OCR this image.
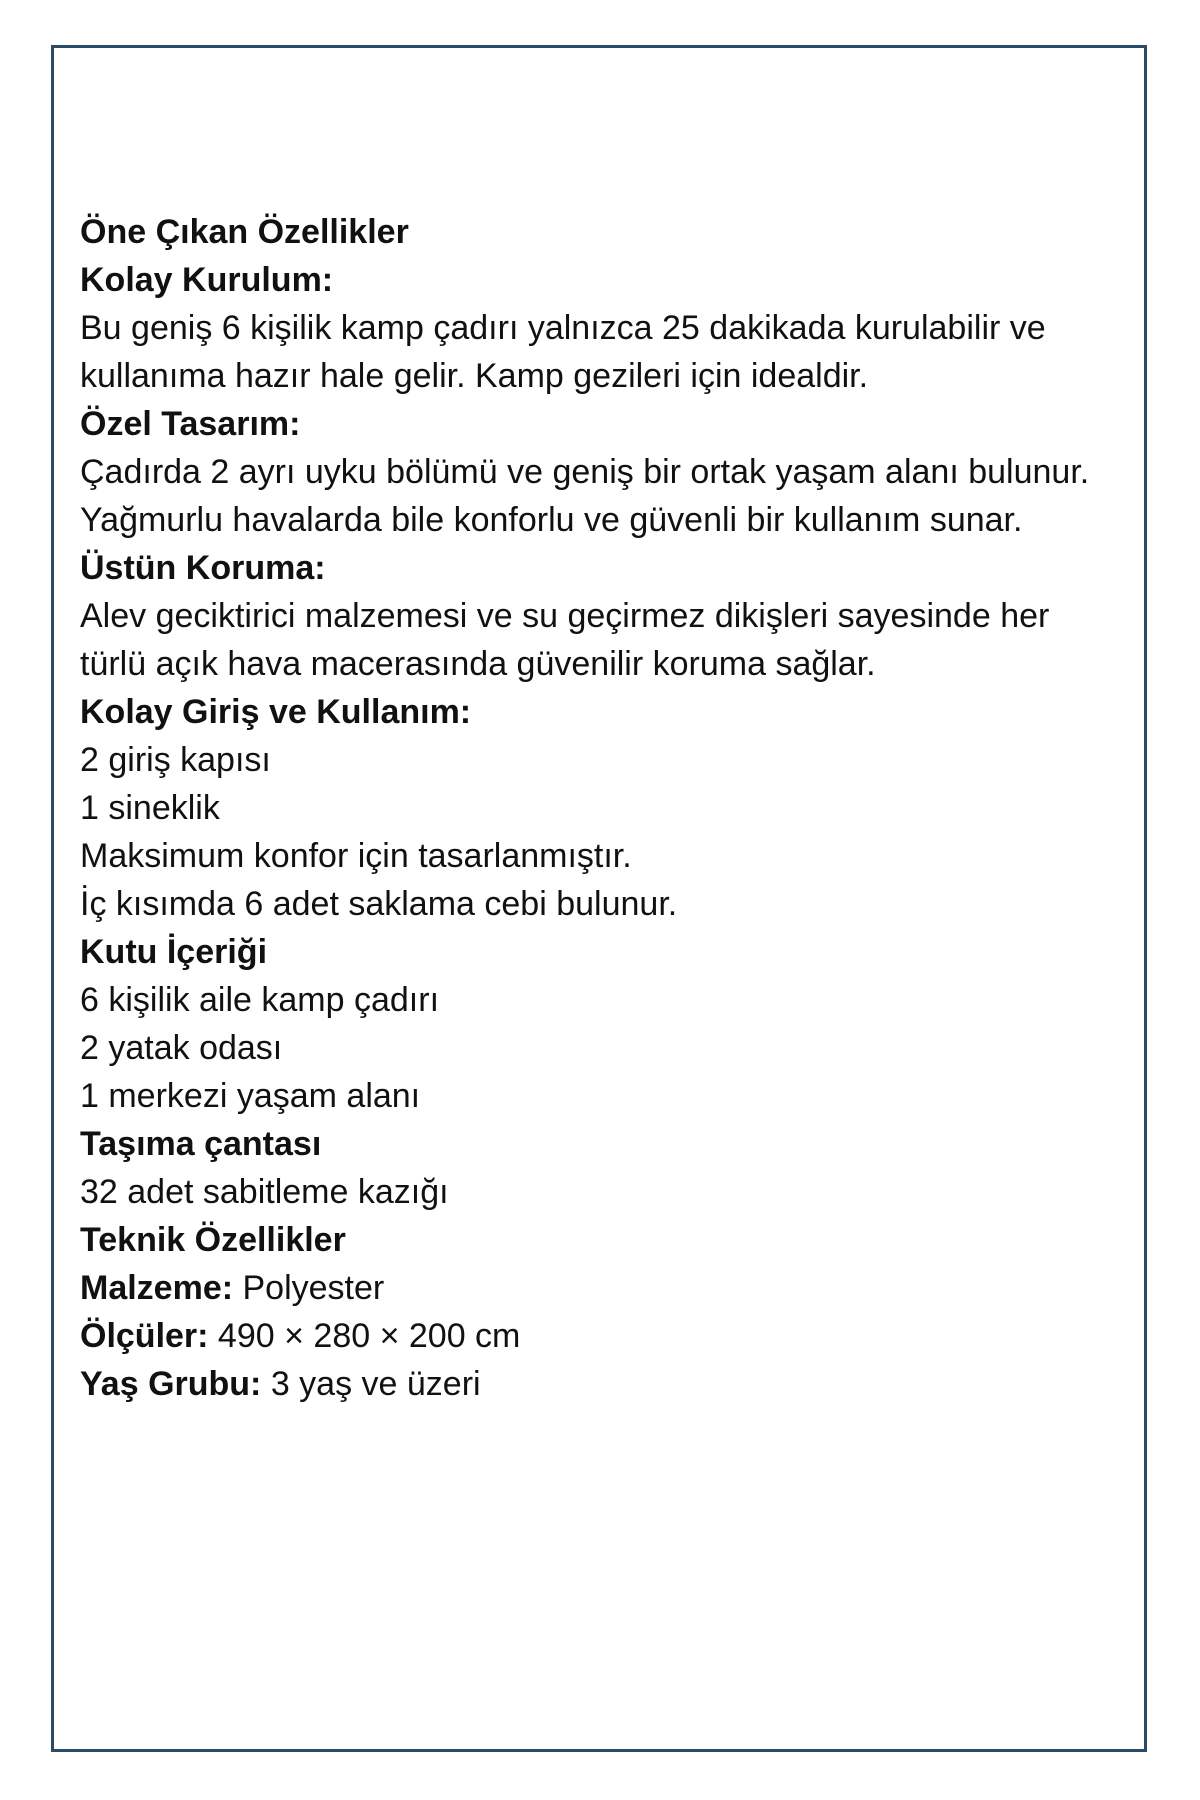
Öne Çıkan Özellikler
Kolay Kurulum:
Bu geniş 6 kişilik kamp çadırı yalnızca 25 dakikada kurulabilir ve kullanıma hazır hale gelir. Kamp gezileri için idealdir.
Özel Tasarım:
Çadırda 2 ayrı uyku bölümü ve geniş bir ortak yaşam alanı bulunur. Yağmurlu havalarda bile konforlu ve güvenli bir kullanım sunar.
Üstün Koruma:
Alev geciktirici malzemesi ve su geçirmez dikişleri sayesinde her türlü açık hava macerasında güvenilir koruma sağlar.
Kolay Giriş ve Kullanım:
2 giriş kapısı
1 sineklik
Maksimum konfor için tasarlanmıştır.
İç kısımda 6 adet saklama cebi bulunur.
Kutu İçeriği
6 kişilik aile kamp çadırı
2 yatak odası
1 merkezi yaşam alanı
Taşıma çantası
32 adet sabitleme kazığı
Teknik Özellikler
Malzeme: Polyester
Ölçüler: 490 × 280 × 200 cm
Yaş Grubu: 3 yaş ve üzeri
